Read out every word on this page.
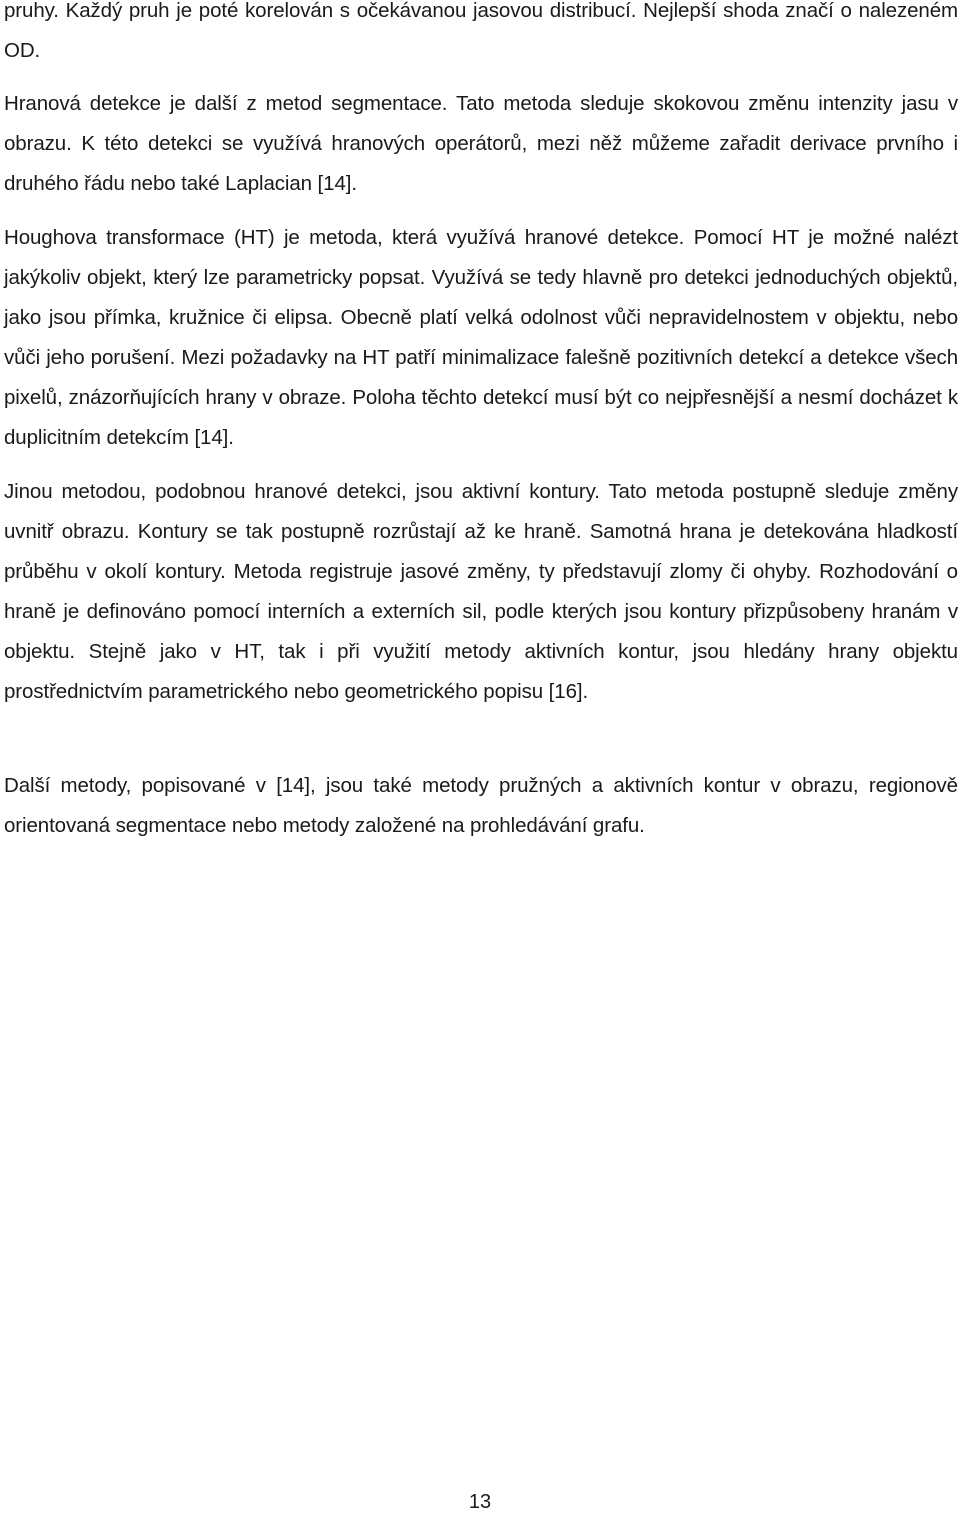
pruhy. Každý pruh je poté korelován s očekávanou jasovou distribucí. Nejlepší shoda značí o nalezeném OD.

Hranová detekce je další z metod segmentace. Tato metoda sleduje skokovou změnu intenzity jasu v obrazu. K této detekci se využívá hranových operátorů, mezi něž můžeme zařadit derivace prvního i druhého řádu nebo také Laplacian [14].

Houghova transformace (HT) je metoda, která využívá hranové detekce. Pomocí HT je možné nalézt jakýkoliv objekt, který lze parametricky popsat. Využívá se tedy hlavně pro detekci jednoduchých objektů, jako jsou přímka, kružnice či elipsa. Obecně platí velká odolnost vůči nepravidelnostem v objektu, nebo vůči jeho porušení. Mezi požadavky na HT patří minimalizace falešně pozitivních detekcí a detekce všech pixelů, znázorňujících hrany v obraze. Poloha těchto detekcí musí být co nejpřesnější a nesmí docházet k duplicitním detekcím [14].

Jinou metodou, podobnou hranové detekci, jsou aktivní kontury. Tato metoda postupně sleduje změny uvnitř obrazu. Kontury se tak postupně rozrůstají až ke hraně. Samotná hrana je detekována hladkostí průběhu v okolí kontury. Metoda registruje jasové změny, ty představují zlomy či ohyby. Rozhodování o hraně je definováno pomocí interních a externích sil, podle kterých jsou kontury přizpůsobeny hranám v objektu. Stejně jako v HT, tak i při využití metody aktivních kontur, jsou hledány hrany objektu prostřednictvím parametrického nebo geometrického popisu [16].

Další metody, popisované v [14], jsou také metody pružných a aktivních kontur v obrazu, regionově orientovaná segmentace nebo metody založené na prohledávání grafu.

13
